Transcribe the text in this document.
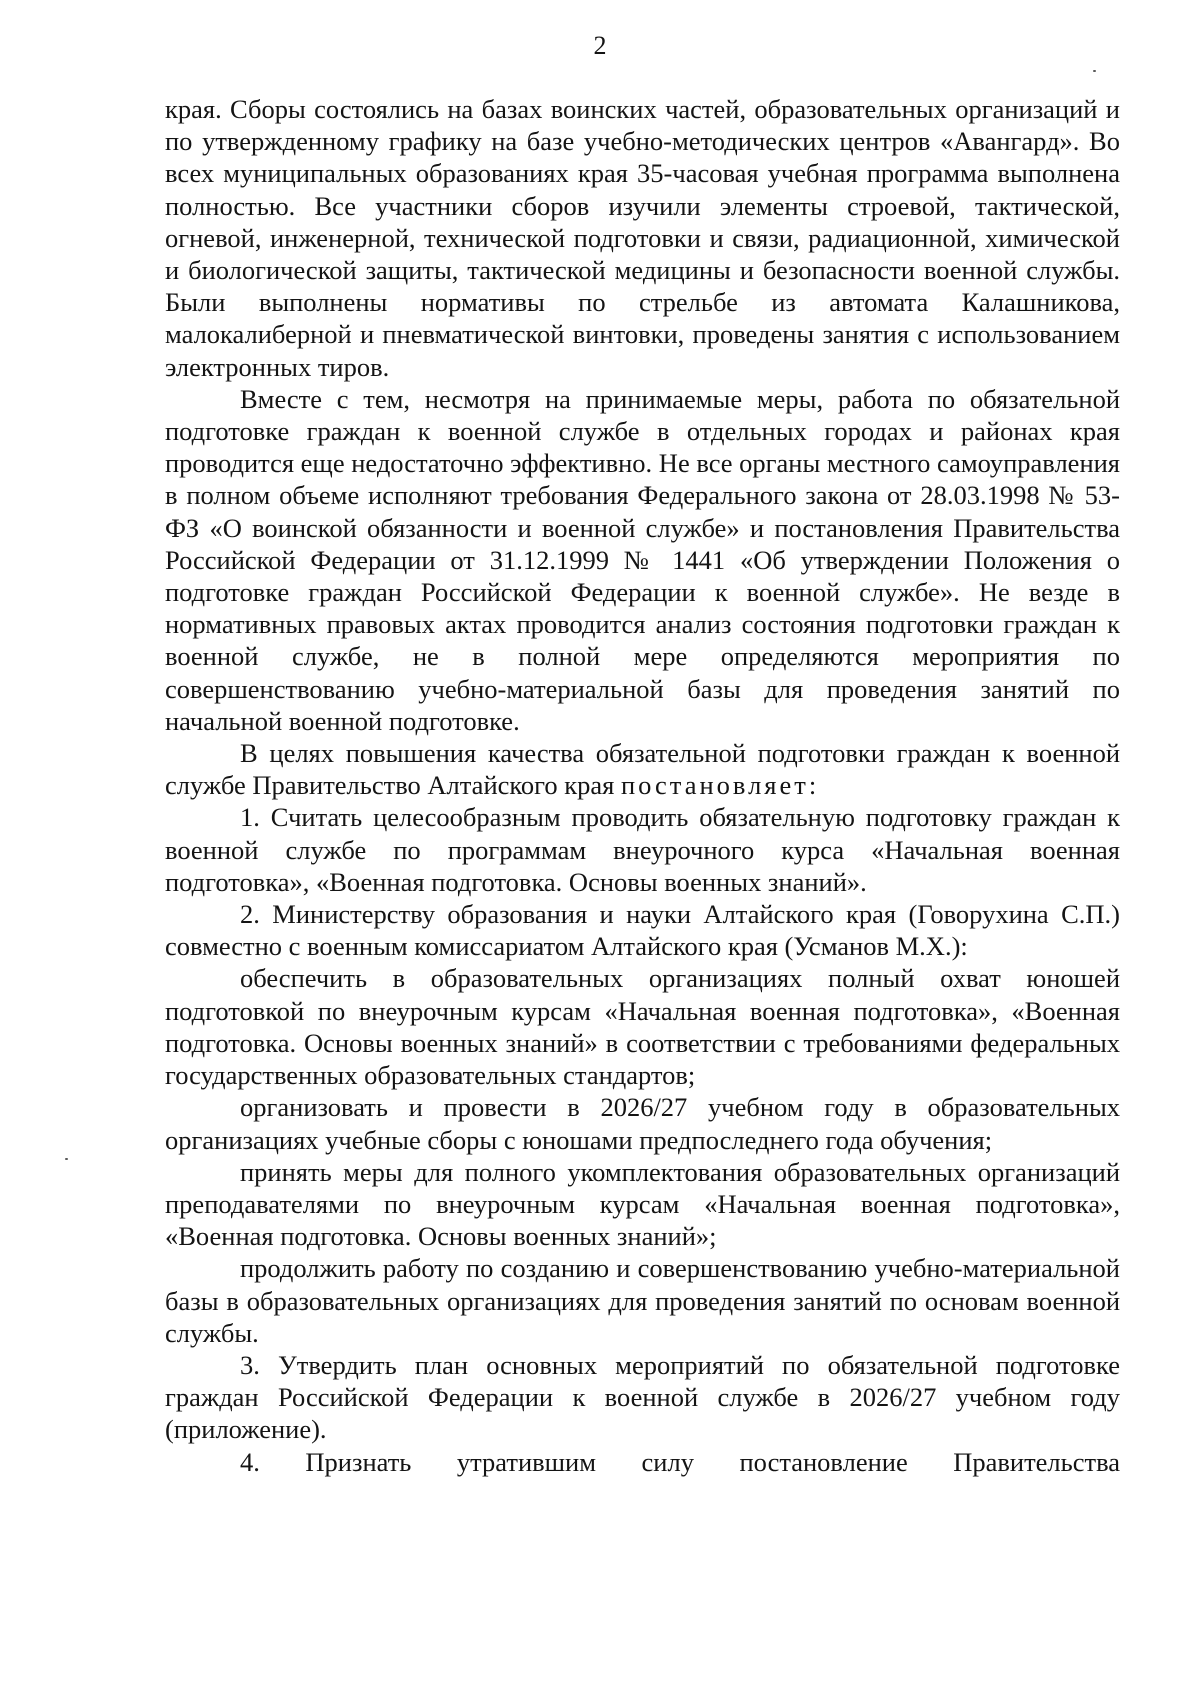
2

края. Сборы состоялись на базах воинских частей, образовательных организаций и по утвержденному графику на базе учебно-методических центров «Авангард». Во всех муниципальных образованиях края 35-часовая учебная программа выполнена полностью. Все участники сборов изучили элементы строевой, тактической, огневой, инженерной, технической подготовки и связи, радиационной, химической и биологической защиты, тактической медицины и безопасности военной службы. Были выполнены нормативы по стрельбе из автомата Калашникова, малокалиберной и пневматической винтовки, проведены занятия с использованием электронных тиров.

Вместе с тем, несмотря на принимаемые меры, работа по обязательной подготовке граждан к военной службе в отдельных городах и районах края проводится еще недостаточно эффективно. Не все органы местного самоуправления в полном объеме исполняют требования Федерального закона от 28.03.1998 № 53-ФЗ «О воинской обязанности и военной службе» и постановления Правительства Российской Федерации от 31.12.1999 № 1441 «Об утверждении Положения о подготовке граждан Российской Федерации к военной службе». Не везде в нормативных правовых актах проводится анализ состояния подготовки граждан к военной службе, не в полной мере определяются мероприятия по совершенствованию учебно-материальной базы для проведения занятий по начальной военной подготовке.

В целях повышения качества обязательной подготовки граждан к военной службе Правительство Алтайского края постановляет:

1. Считать целесообразным проводить обязательную подготовку граждан к военной службе по программам внеурочного курса «Начальная военная подготовка», «Военная подготовка. Основы военных знаний».

2. Министерству образования и науки Алтайского края (Говорухина С.П.) совместно с военным комиссариатом Алтайского края (Усманов М.Х.):

обеспечить в образовательных организациях полный охват юношей подготовкой по внеурочным курсам «Начальная военная подготовка», «Военная подготовка. Основы военных знаний» в соответствии с требованиями федеральных государственных образовательных стандартов;

организовать и провести в 2026/27 учебном году в образовательных организациях учебные сборы с юношами предпоследнего года обучения;

принять меры для полного укомплектования образовательных организаций преподавателями по внеурочным курсам «Начальная военная подготовка», «Военная подготовка. Основы военных знаний»;

продолжить работу по созданию и совершенствованию учебно-материальной базы в образовательных организациях для проведения занятий по основам военной службы.

3. Утвердить план основных мероприятий по обязательной подготовке граждан Российской Федерации к военной службе в 2026/27 учебном году (приложение).

4. Признать утратившим силу постановление Правительства
